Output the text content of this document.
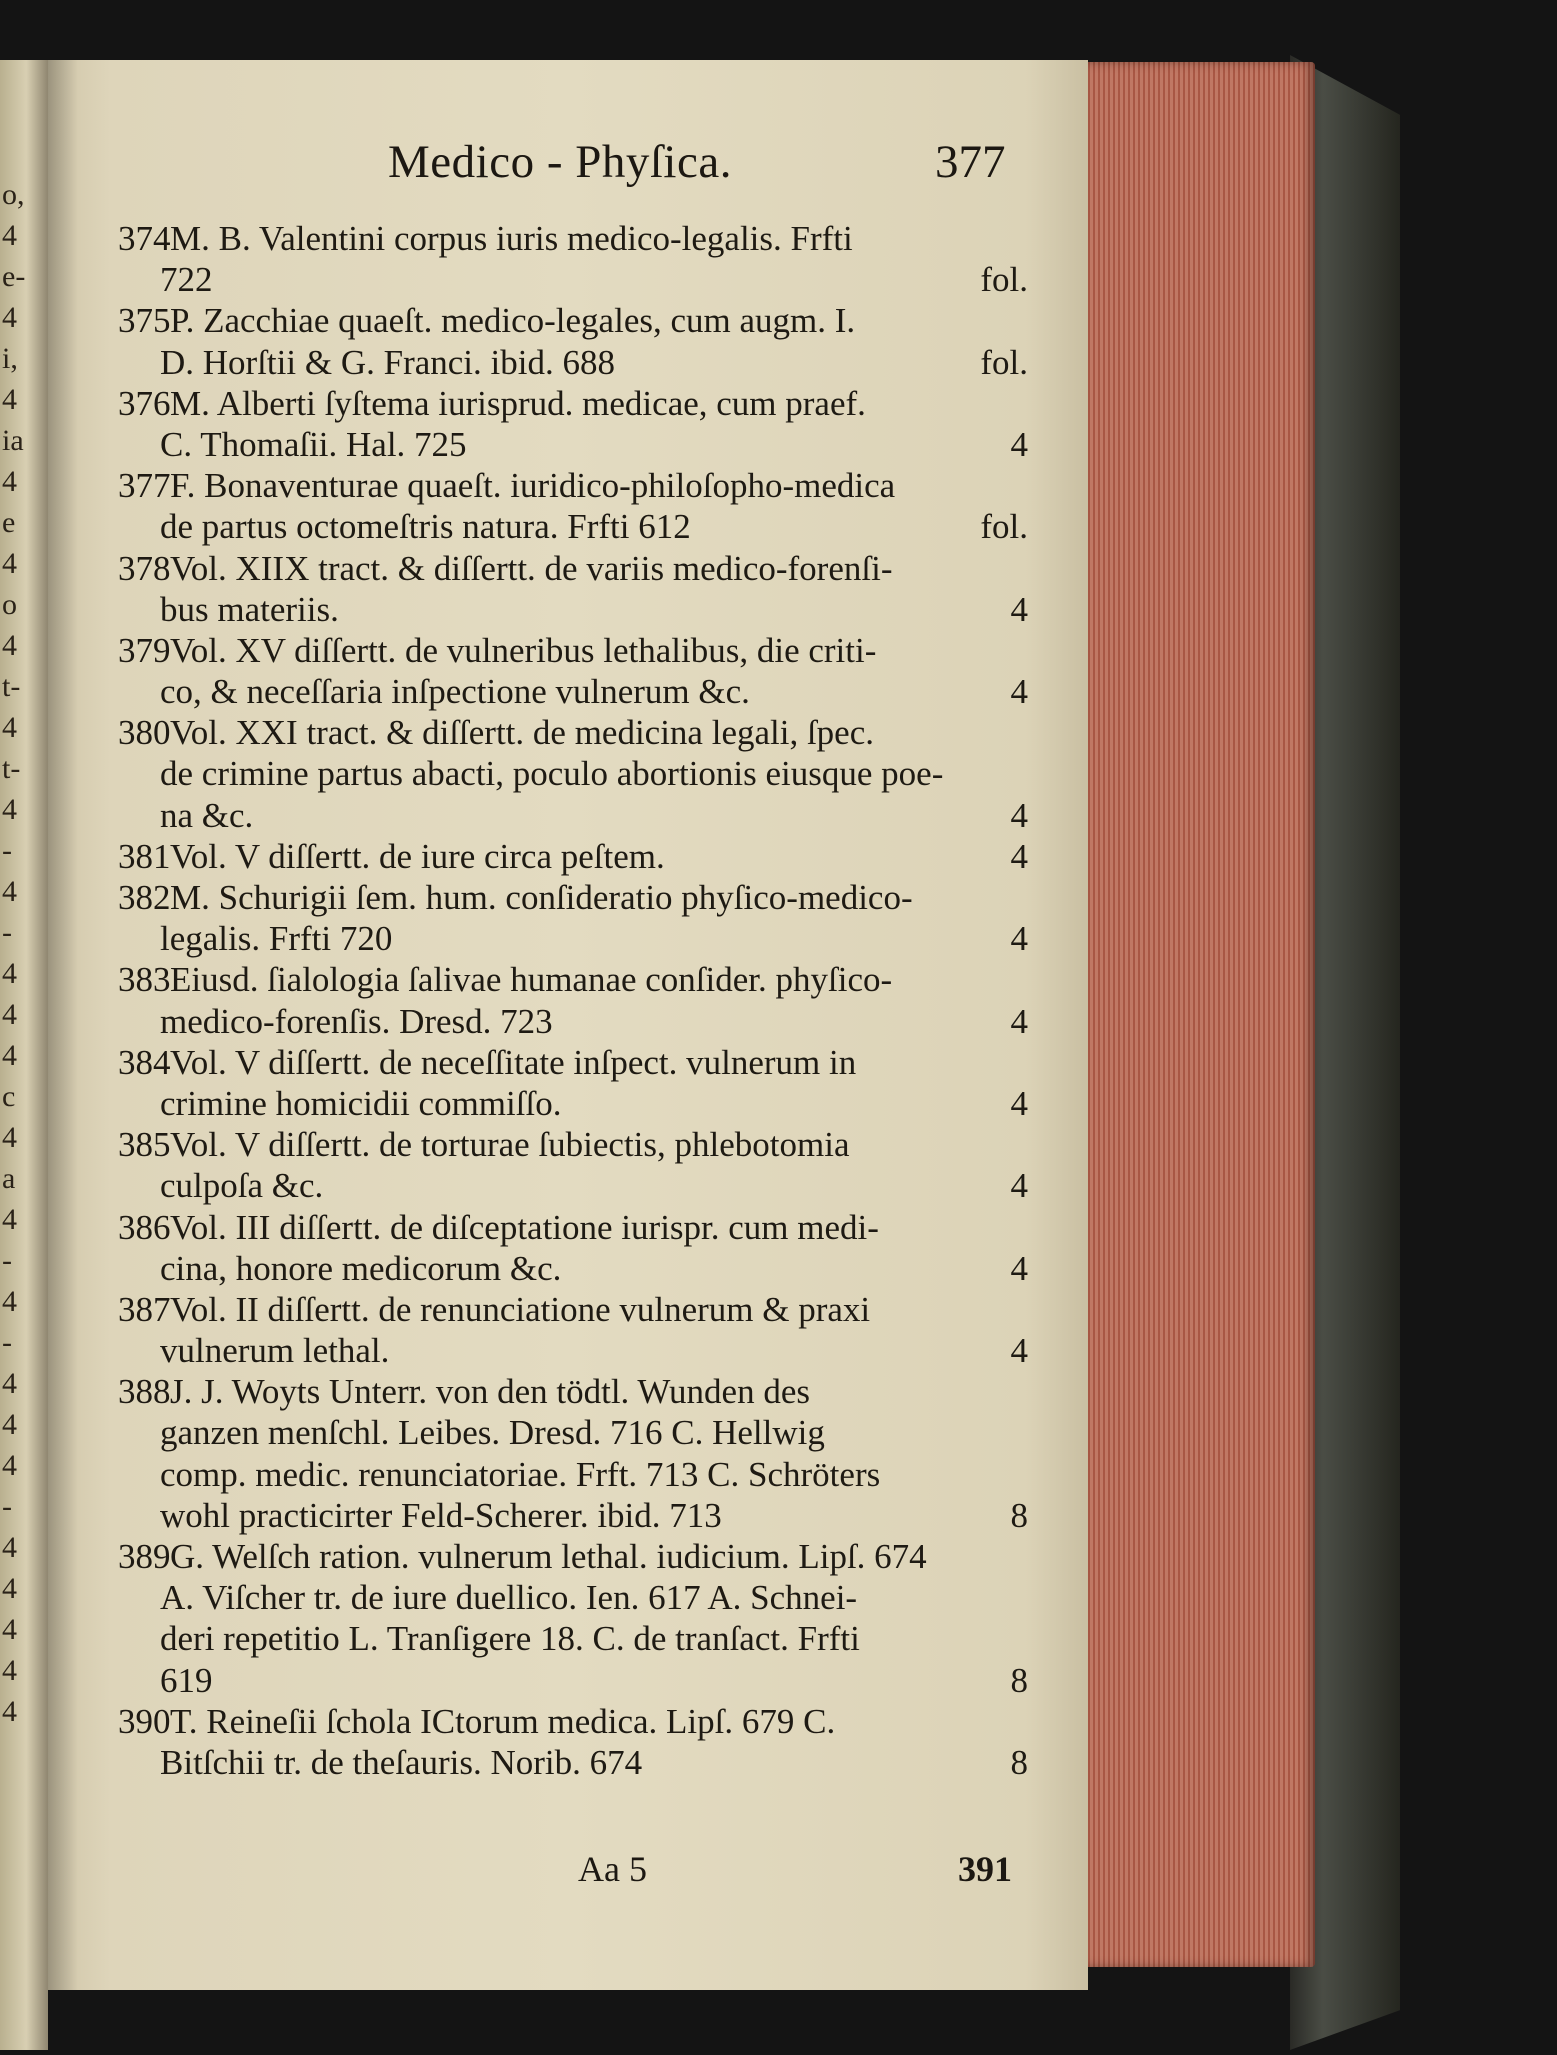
o,
4
e-
4
i,
4
ia
4
e
4
o
4
t-
4
t-
4
-
4
-
4
4
4
c
4
a
4
-
4
-
4
4
4
-
4
4
4
4
4
Medico - Phyſica.	377
374M. B. Valentini corpus iuris medico-legalis. Frfti
722	fol.
375P. Zacchiae quaeſt. medico-legales, cum augm. I.
D. Horſtii & G. Franci. ibid. 688	fol.
376M. Alberti ſyſtema iurisprud. medicae, cum praef.
C. Thomaſii. Hal. 725	4
377F. Bonaventurae quaeſt. iuridico-philoſopho-medica
de partus octomeſtris natura. Frfti 612	fol.
378Vol. XIIX tract. & diſſertt. de variis medico-forenſi-
bus materiis.	4
379Vol. XV diſſertt. de vulneribus lethalibus, die criti-
co, & neceſſaria inſpectione vulnerum &c.	4
380Vol. XXI tract. & diſſertt. de medicina legali, ſpec.
de crimine partus abacti, poculo abortionis eiusque poe-
na &c.	4
381Vol. V diſſertt. de iure circa peſtem.	4
382M. Schurigii ſem. hum. conſideratio phyſico-medico-
legalis. Frfti 720	4
383Eiusd. ſialologia ſalivae humanae conſider. phyſico-
medico-forenſis. Dresd. 723	4
384Vol. V diſſertt. de neceſſitate inſpect. vulnerum in
crimine homicidii commiſſo.	4
385Vol. V diſſertt. de torturae ſubiectis, phlebotomia
culpoſa &c.	4
386Vol. III diſſertt. de diſceptatione iurispr. cum medi-
cina, honore medicorum &c.	4
387Vol. II diſſertt. de renunciatione vulnerum & praxi
vulnerum lethal.	4
388J. J. Woyts Unterr. von den tödtl. Wunden des
ganzen menſchl. Leibes. Dresd. 716 C. Hellwig
comp. medic. renunciatoriae. Frft. 713 C. Schröters
wohl practicirter Feld-Scherer. ibid. 713	8
389G. Welſch ration. vulnerum lethal. iudicium. Lipſ. 674
A. Viſcher tr. de iure duellico. Ien. 617 A. Schnei-
deri repetitio L. Tranſigere 18. C. de tranſact. Frfti
619	8
390T. Reineſii ſchola ICtorum medica. Lipſ. 679 C.
Bitſchii tr. de theſauris. Norib. 674	8
Aa 5	391
